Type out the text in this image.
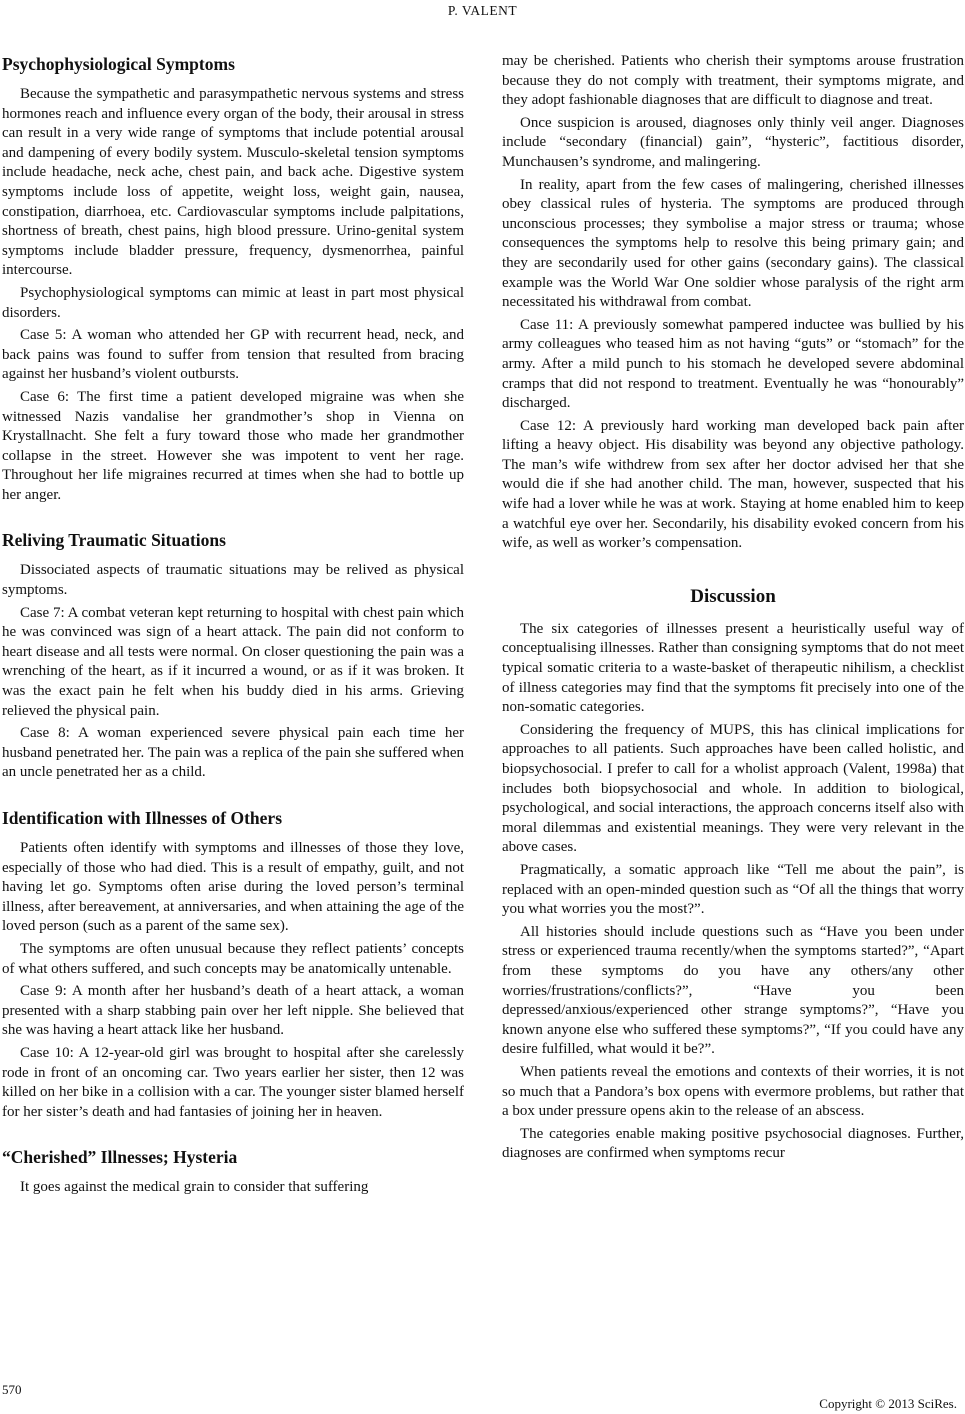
P. VALENT
Psychophysiological Symptoms

Because the sympathetic and parasympathetic nervous systems and stress hormones reach and influence every organ of the body, their arousal in stress can result in a very wide range of symptoms that include potential arousal and dampening of every bodily system. Musculo-skeletal tension symptoms include headache, neck ache, chest pain, and back ache. Digestive system symptoms include loss of appetite, weight loss, weight gain, nausea, constipation, diarrhoea, etc. Cardiovascular symptoms include palpitations, shortness of breath, chest pains, high blood pressure. Urino-genital system symptoms include bladder pressure, frequency, dysmenorrhea, painful intercourse.

Psychophysiological symptoms can mimic at least in part most physical disorders.

Case 5: A woman who attended her GP with recurrent head, neck, and back pains was found to suffer from tension that resulted from bracing against her husband’s violent outbursts.

Case 6: The first time a patient developed migraine was when she witnessed Nazis vandalise her grandmother’s shop in Vienna on Krystallnacht. She felt a fury toward those who made her grandmother collapse in the street. However she was impotent to vent her rage. Throughout her life migraines recurred at times when she had to bottle up her anger.

Reliving Traumatic Situations

Dissociated aspects of traumatic situations may be relived as physical symptoms.

Case 7: A combat veteran kept returning to hospital with chest pain which he was convinced was sign of a heart attack. The pain did not conform to heart disease and all tests were normal. On closer questioning the pain was a wrenching of the heart, as if it incurred a wound, or as if it was broken. It was the exact pain he felt when his buddy died in his arms. Grieving relieved the physical pain.

Case 8: A woman experienced severe physical pain each time her husband penetrated her. The pain was a replica of the pain she suffered when an uncle penetrated her as a child.

Identification with Illnesses of Others

Patients often identify with symptoms and illnesses of those they love, especially of those who had died. This is a result of empathy, guilt, and not having let go. Symptoms often arise during the loved person’s terminal illness, after bereavement, at anniversaries, and when attaining the age of the loved person (such as a parent of the same sex).

The symptoms are often unusual because they reflect patients’ concepts of what others suffered, and such concepts may be anatomically untenable.

Case 9: A month after her husband’s death of a heart attack, a woman presented with a sharp stabbing pain over her left nipple. She believed that she was having a heart attack like her husband.

Case 10: A 12-year-old girl was brought to hospital after she carelessly rode in front of an oncoming car. Two years earlier her sister, then 12 was killed on her bike in a collision with a car. The younger sister blamed herself for her sister’s death and had fantasies of joining her in heaven.

“Cherished” Illnesses; Hysteria

It goes against the medical grain to consider that suffering

may be cherished. Patients who cherish their symptoms arouse frustration because they do not comply with treatment, their symptoms migrate, and they adopt fashionable diagnoses that are difficult to diagnose and treat.

Once suspicion is aroused, diagnoses only thinly veil anger. Diagnoses include “secondary (financial) gain”, “hysteric”, factitious disorder, Munchausen’s syndrome, and malingering.

In reality, apart from the few cases of malingering, cherished illnesses obey classical rules of hysteria. The symptoms are produced through unconscious processes; they symbolise a major stress or trauma; whose consequences the symptoms help to resolve this being primary gain; and they are secondarily used for other gains (secondary gains). The classical example was the World War One soldier whose paralysis of the right arm necessitated his withdrawal from combat.

Case 11: A previously somewhat pampered inductee was bullied by his army colleagues who teased him as not having “guts” or “stomach” for the army. After a mild punch to his stomach he developed severe abdominal cramps that did not respond to treatment. Eventually he was “honourably” discharged.

Case 12: A previously hard working man developed back pain after lifting a heavy object. His disability was beyond any objective pathology. The man’s wife withdrew from sex after her doctor advised her that she would die if she had another child. The man, however, suspected that his wife had a lover while he was at work. Staying at home enabled him to keep a watchful eye over her. Secondarily, his disability evoked concern from his wife, as well as worker’s compensation.

Discussion

The six categories of illnesses present a heuristically useful way of conceptualising illnesses. Rather than consigning symptoms that do not meet typical somatic criteria to a waste-basket of therapeutic nihilism, a checklist of illness categories may find that the symptoms fit precisely into one of the non-somatic categories.

Considering the frequency of MUPS, this has clinical implications for approaches to all patients. Such approaches have been called holistic, and biopsychosocial. I prefer to call for a wholist approach (Valent, 1998a) that includes both biopsychosocial and whole. In addition to biological, psychological, and social interactions, the approach concerns itself also with moral dilemmas and existential meanings. They were very relevant in the above cases.

Pragmatically, a somatic approach like “Tell me about the pain”, is replaced with an open-minded question such as “Of all the things that worry you what worries you the most?”.

All histories should include questions such as “Have you been under stress or experienced trauma recently/when the symptoms started?”, “Apart from these symptoms do you have any others/any other worries/frustrations/conflicts?”, “Have you been depressed/anxious/experienced other strange symptoms?”, “Have you known anyone else who suffered these symptoms?”, “If you could have any desire fulfilled, what would it be?”.

When patients reveal the emotions and contexts of their worries, it is not so much that a Pandora’s box opens with evermore problems, but rather that a box under pressure opens akin to the release of an abscess.

The categories enable making positive psychosocial diagnoses. Further, diagnoses are confirmed when symptoms recur

570
Copyright © 2013 SciRes.
